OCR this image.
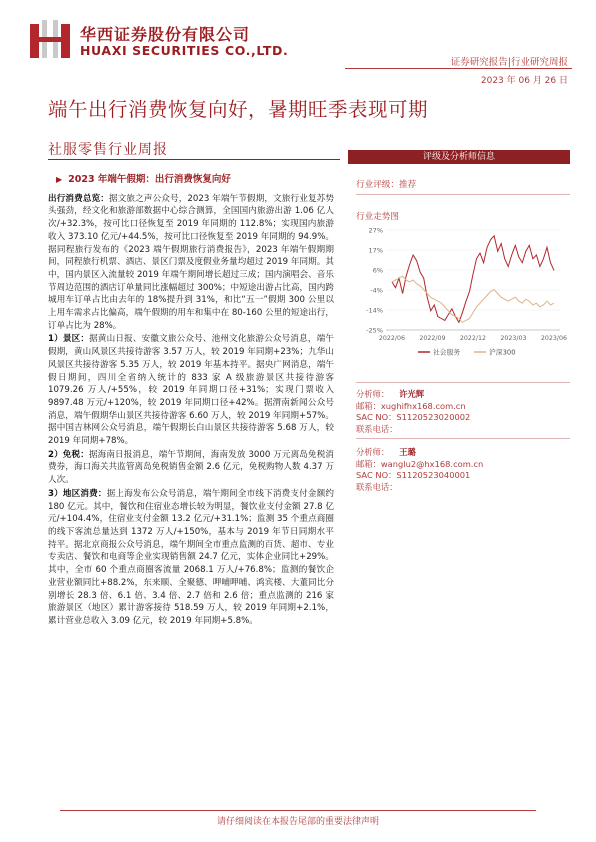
华西证券股份有限公司
HUAXI SECURITIES CO.,LTD.
证券研究报告|行业研究周报
2023 年 06 月 26 日
端午出行消费恢复向好，暑期旺季表现可期
社服零售行业周报
▶ 2023 年端午假期：出行消费恢复向好
出行消费总览：据文旅之声公众号，2023 年端午节假期，文旅行业复苏势头强劲，经文化和旅游部数据中心综合测算，全国国内旅游出游 1.06 亿人次/+32.3%，按可比口径恢复至 2019 年同期的 112.8%；实现国内旅游收入 373.10 亿元/+44.5%，按可比口径恢复至 2019 年同期的 94.9%。据同程旅行发布的《2023 端午假期旅行消费报告》，2023 年端午假期期间，同程旅行机票、酒店、景区门票及度假业务量均超过 2019 年同期。其中，国内景区入流量较 2019 年端午期间增长超过三成；国内演唱会、音乐节周边范围的酒店订单量同比涨幅超过 300%；中短途出游占比高，国内跨城用车订单占比由去年的 18%提升到 31%，和比“五一”假期 300 公里以上用车需求占比偏高，端午假期的用车和集中在 80-160 公里的短途出行，订单占比为 28%。
1）景区：据黄山日报、安徽文旅公众号、池州文化旅游公众号消息，端午假期，黄山风景区共接待游客 3.57 万人，较 2019 年同期+23%；九华山风景区共接待游客 5.35 万人，较 2019 年基本持平。据央广网消息，端午假日期间，四川全省纳入统计的 833 家 A 级旅游景区共接待游客 1079.26 万人/+55%，较 2019 年同期口径+31%；实现门票收入 9897.48 万元/+120%，较 2019 年同期口径+42%。据渭南新闻公众号消息，端午假期华山景区共接待游客 6.60 万人，较 2019 年同期+57%。据中国吉林网公众号消息，端午假期长白山景区共接待游客 5.68 万人，较 2019 年同期+78%。
2）免税：据海南日报消息，端午节期间，海南发放 3000 万元离岛免税消费券，海口海关共监管离岛免税销售金额 2.6 亿元，免税购物人数 4.37 万人次。
3）地区消费：据上海发布公众号消息，端午期间全市线下消费支付金额约 180 亿元。其中，餐饮和住宿业态增长较为明显，餐饮业支付金额 27.8 亿元/+104.4%，住宿业支付金额 13.2 亿元/+31.1%；监测 35 个重点商圈的线下客流总量达到 1372 万人/+150%，基本与 2019 年节日同期水平持平。据北京商报公众号消息，端午期间全市重点监测的百货、超市、专业专卖店、餐饮和电商等企业实现销售额 24.7 亿元，实体企业同比+29%。其中，全市 60 个重点商圈客流量 2068.1 万人/+76.8%；监测的餐饮企业营业额同比+88.2%，东来顺、全聚德、呷哺呷哺、鸿宾楼、大董同比分别增长 28.3 倍、6.1 倍、3.4 倍、2.7 倍和 2.6 倍；重点监测的 216 家旅游景区（地区）累计游客接待 518.59 万人，较 2019 年同期+2.1%，累计营业总收入 3.09 亿元，较 2019 年同期+5.8%。
评级及分析师信息
行业评级：推荐
行业走势图
27%
17%
6%
-4%
-14%
-25%
2022/06 2022/09 2022/12 2023/03 2023/06
社会服务	沪深300
分析师： 许光辉
邮箱：xughifhx168.com.cn
SAC NO：S1120523020002
联系电话：
分析师： 王璐
邮箱：wanglu2@hx168.com.cn
SAC NO：S1120523040001
联系电话：
请仔细阅读在本报告尾部的重要法律声明
